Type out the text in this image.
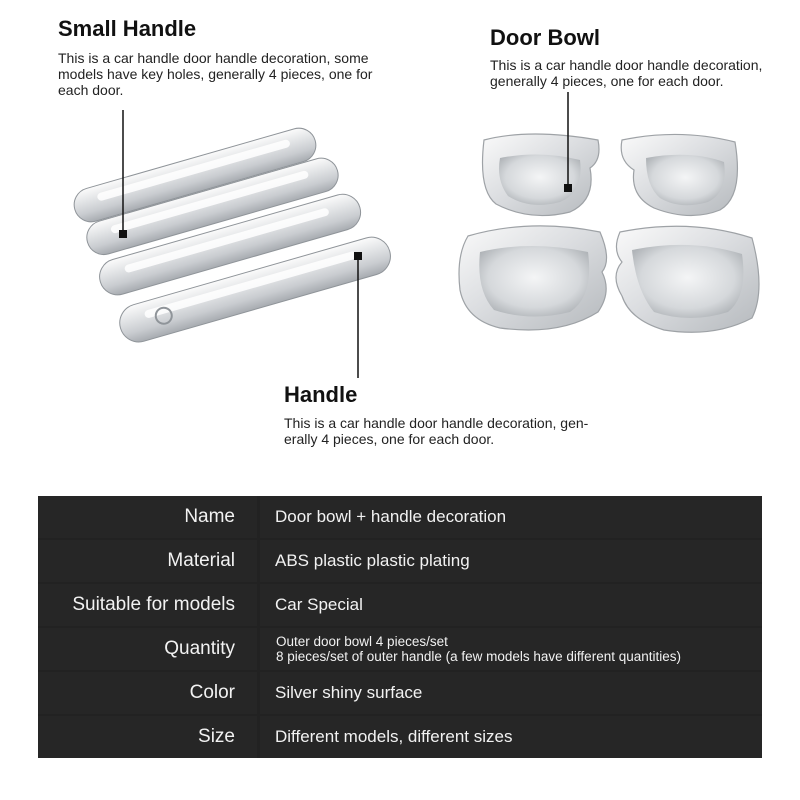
Small Handle
This is a car handle door handle decoration, some
models have key holes, generally 4 pieces, one for
each door.
Door Bowl
This is a car handle door handle decoration,
generally 4 pieces, one for each door.
Handle
This is a car handle door handle decoration, gen-
erally 4 pieces, one for each door.
Name	Door bowl + handle decoration
Material	ABS plastic plastic plating
Suitable for models	Car Special
Quantity	Outer door bowl 4 pieces/set
8 pieces/set of outer handle (a few models have different quantities)
Color	Silver shiny surface
Size	Different models, different sizes
